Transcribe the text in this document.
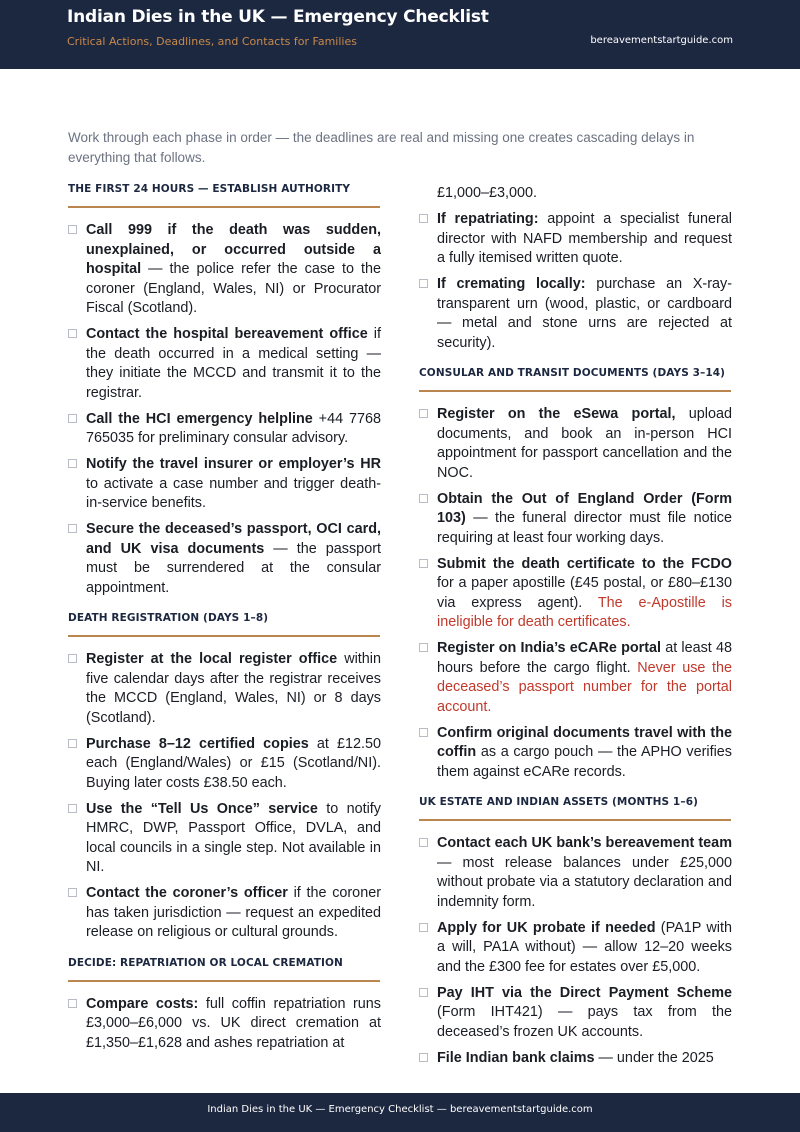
Indian Dies in the UK — Emergency Checklist
Critical Actions, Deadlines, and Contacts for Families	bereavementstartguide.com
Work through each phase in order — the deadlines are real and missing one creates cascading delays in everything that follows.
THE FIRST 24 HOURS — ESTABLISH AUTHORITY
Call 999 if the death was sudden, unexplained, or occurred outside a hospital — the police refer the case to the coroner (England, Wales, NI) or Procurator Fiscal (Scotland).
Contact the hospital bereavement office if the death occurred in a medical setting — they initiate the MCCD and transmit it to the registrar.
Call the HCI emergency helpline +44 7768 765035 for preliminary consular advisory.
Notify the travel insurer or employer’s HR to activate a case number and trigger death-in-service benefits.
Secure the deceased’s passport, OCI card, and UK visa documents — the passport must be surrendered at the consular appointment.
DEATH REGISTRATION (DAYS 1–8)
Register at the local register office within five calendar days after the registrar receives the MCCD (England, Wales, NI) or 8 days (Scotland).
Purchase 8–12 certified copies at £12.50 each (England/Wales) or £15 (Scotland/NI). Buying later costs £38.50 each.
Use the “Tell Us Once” service to notify HMRC, DWP, Passport Office, DVLA, and local councils in a single step. Not available in NI.
Contact the coroner’s officer if the coroner has taken jurisdiction — request an expedited release on religious or cultural grounds.
DECIDE: REPATRIATION OR LOCAL CREMATION
Compare costs: full coffin repatriation runs £3,000–£6,000 vs. UK direct cremation at £1,350–£1,628 and ashes repatriation at
£1,000–£3,000.
If repatriating: appoint a specialist funeral director with NAFD membership and request a fully itemised written quote.
If cremating locally: purchase an X-ray-transparent urn (wood, plastic, or cardboard — metal and stone urns are rejected at security).
CONSULAR AND TRANSIT DOCUMENTS (DAYS 3–14)
Register on the eSewa portal, upload documents, and book an in-person HCI appointment for passport cancellation and the NOC.
Obtain the Out of England Order (Form 103) — the funeral director must file notice requiring at least four working days.
Submit the death certificate to the FCDO for a paper apostille (£45 postal, or £80–£130 via express agent). The e-Apostille is ineligible for death certificates.
Register on India’s eCARe portal at least 48 hours before the cargo flight. Never use the deceased’s passport number for the portal account.
Confirm original documents travel with the coffin as a cargo pouch — the APHO verifies them against eCARe records.
UK ESTATE AND INDIAN ASSETS (MONTHS 1–6)
Contact each UK bank’s bereavement team — most release balances under £25,000 without probate via a statutory declaration and indemnity form.
Apply for UK probate if needed (PA1P with a will, PA1A without) — allow 12–20 weeks and the £300 fee for estates over £5,000.
Pay IHT via the Direct Payment Scheme (Form IHT421) — pays tax from the deceased’s frozen UK accounts.
File Indian bank claims — under the 2025
Indian Dies in the UK — Emergency Checklist — bereavementstartguide.com
